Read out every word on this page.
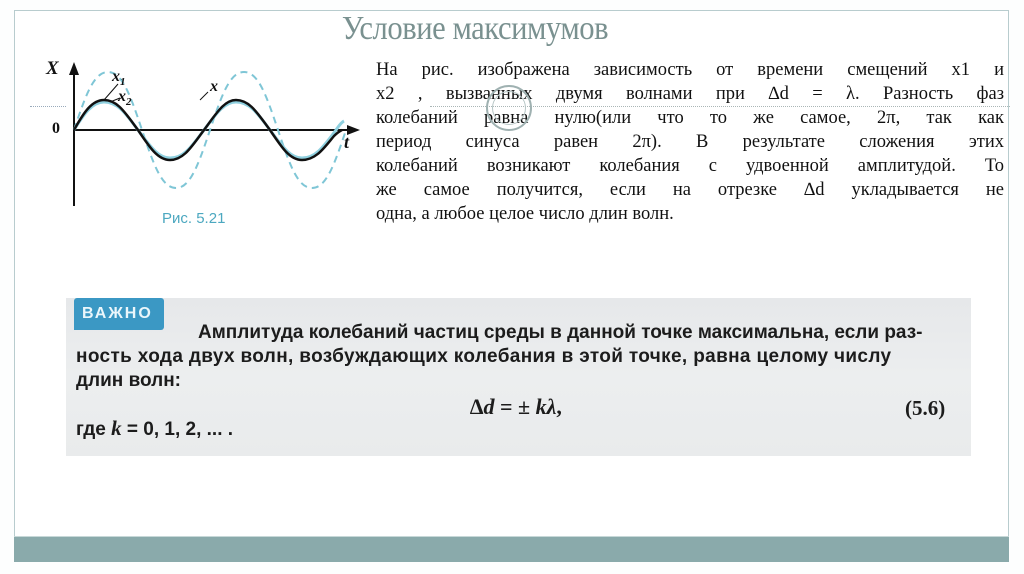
Условие максимумов
X
0
t
$x_1$
$x_2$
x
Рис. 5.21
На рис. изображена зависимость от времени смещений x1 и
x2 , вызванных двумя волнами при ∆d = λ. Разность фаз
колебаний равна нулю(или что то же самое, 2π, так как
период синуса равен 2π). В результате сложения этих
колебаний возникают колебания с удвоенной амплитудой. То
же самое получится, если на отрезке ∆d укладывается не
одна, а любое целое число длин волн.
ВАЖНО
Амплитуда колебаний частиц среды в данной точке максимальна, если раз-
ность хода двух волн, возбуждающих колебания в этой точке, равна целому числу
длин волн:
∆d = ± kλ,	(5.6)
где k = 0, 1, 2, ... .
